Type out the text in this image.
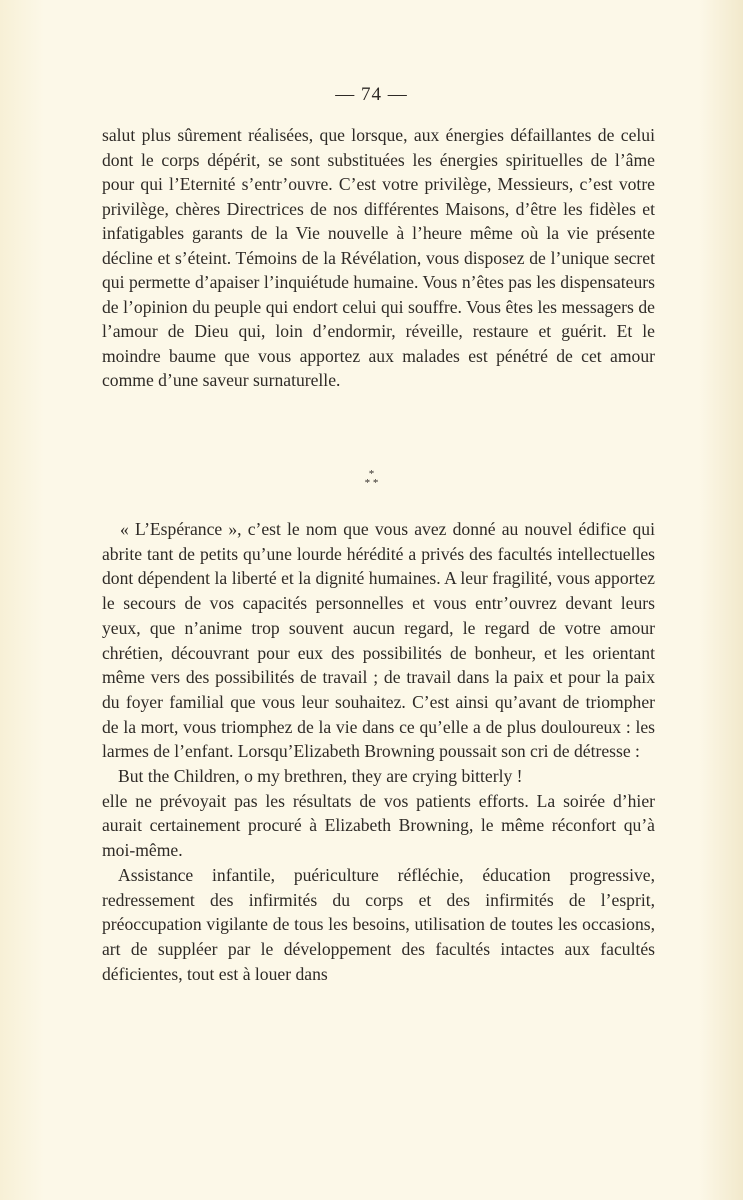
— 74 —

salut plus sûrement réalisées, que lorsque, aux énergies défaillantes de celui dont le corps dépérit, se sont substituées les énergies spirituelles de l’âme pour qui l’Eternité s’entr’ouvre. C’est votre privilège, Messieurs, c’est votre privilège, chères Directrices de nos différentes Maisons, d’être les fidèles et infatigables garants de la Vie nouvelle à l’heure même où la vie présente décline et s’éteint. Témoins de la Révélation, vous disposez de l’unique secret qui permette d’apaiser l’inquiétude humaine. Vous n’êtes pas les dispensateurs de l’opinion du peuple qui endort celui qui souffre. Vous êtes les messagers de l’amour de Dieu qui, loin d’endormir, réveille, restaure et guérit. Et le moindre baume que vous apportez aux malades est pénétré de cet amour comme d’une saveur surnaturelle.

*
* *

« L’Espérance », c’est le nom que vous avez donné au nouvel édifice qui abrite tant de petits qu’une lourde hérédité a privés des facultés intellectuelles dont dépendent la liberté et la dignité humaines. A leur fragilité, vous apportez le secours de vos capacités personnelles et vous entr’ouvrez devant leurs yeux, que n’anime trop souvent aucun regard, le regard de votre amour chrétien, découvrant pour eux des possibilités de bonheur, et les orientant même vers des possibilités de travail ; de travail dans la paix et pour la paix du foyer familial que vous leur souhaitez. C’est ainsi qu’avant de triompher de la mort, vous triomphez de la vie dans ce qu’elle a de plus douloureux : les larmes de l’enfant. Lorsqu’Elizabeth Browning poussait son cri de détresse :

But the Children, o my brethren, they are crying bitterly !

elle ne prévoyait pas les résultats de vos patients efforts. La soirée d’hier aurait certainement procuré à Elizabeth Browning, le même réconfort qu’à moi-même.

Assistance infantile, puériculture réfléchie, éducation progressive, redressement des infirmités du corps et des infirmités de l’esprit, préoccupation vigilante de tous les besoins, utilisation de toutes les occasions, art de suppléer par le développement des facultés intactes aux facultés déficientes, tout est à louer dans
